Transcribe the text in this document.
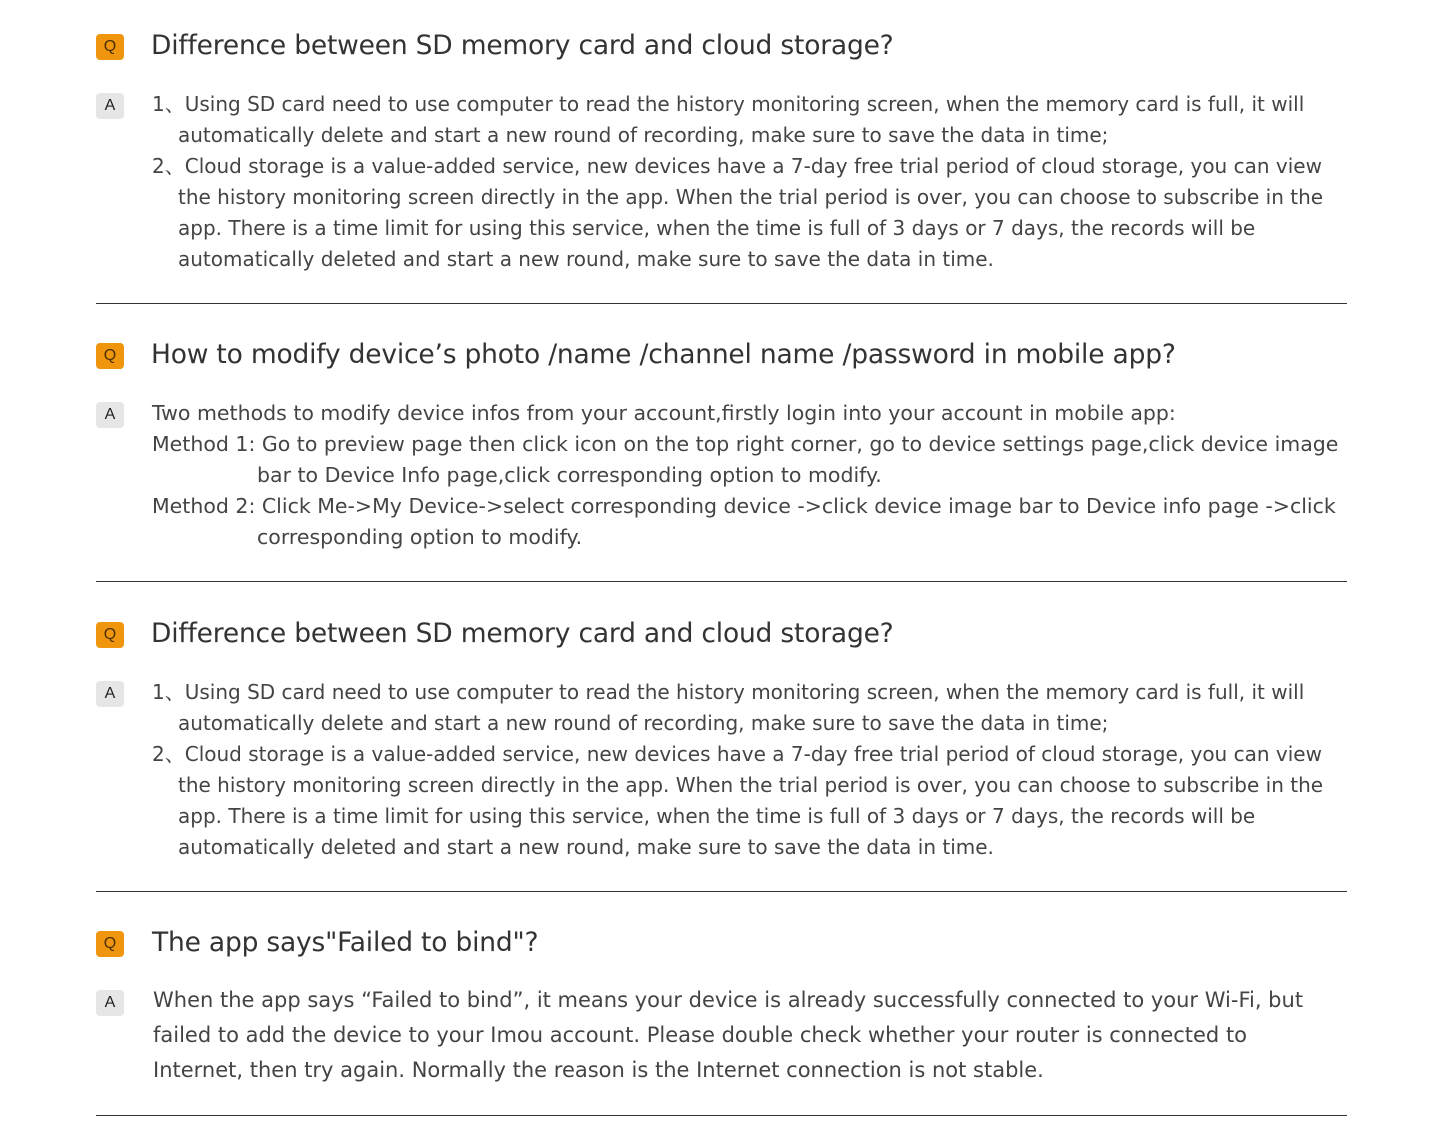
Q Difference between SD memory card and cloud storage?
A	1、Using SD card need to use computer to read the history monitoring screen, when the memory card is full, it will

automatically delete and start a new round of recording, make sure to save the data in time;

2、Cloud storage is a value-added service, new devices have a 7-day free trial period of cloud storage, you can view

the history monitoring screen directly in the app. When the trial period is over, you can choose to subscribe in the

app. There is a time limit for using this service, when the time is full of 3 days or 7 days, the records will be

automatically deleted and start a new round, make sure to save the data in time.

Q How to modify device’s photo /name /channel name /password in mobile app?
A	Two methods to modify device infos from your account,firstly login into your account in mobile app:

Method 1: Go to preview page then click icon on the top right corner, go to device settings page,click device image

bar to Device Info page,click corresponding option to modify.

Method 2: Click Me->My Device->select corresponding device ->click device image bar to Device info page ->click

corresponding option to modify.

Q Difference between SD memory card and cloud storage?
A	1、Using SD card need to use computer to read the history monitoring screen, when the memory card is full, it will

automatically delete and start a new round of recording, make sure to save the data in time;

2、Cloud storage is a value-added service, new devices have a 7-day free trial period of cloud storage, you can view

the history monitoring screen directly in the app. When the trial period is over, you can choose to subscribe in the

app. There is a time limit for using this service, when the time is full of 3 days or 7 days, the records will be

automatically deleted and start a new round, make sure to save the data in time.

Q The app says"Failed to bind"?
A	When the app says “Failed to bind”, it means your device is already successfully connected to your Wi-Fi, but failed to add the device to your Imou account. Please double check whether your router is connected to Internet, then try again. Normally the reason is the Internet connection is not stable.
